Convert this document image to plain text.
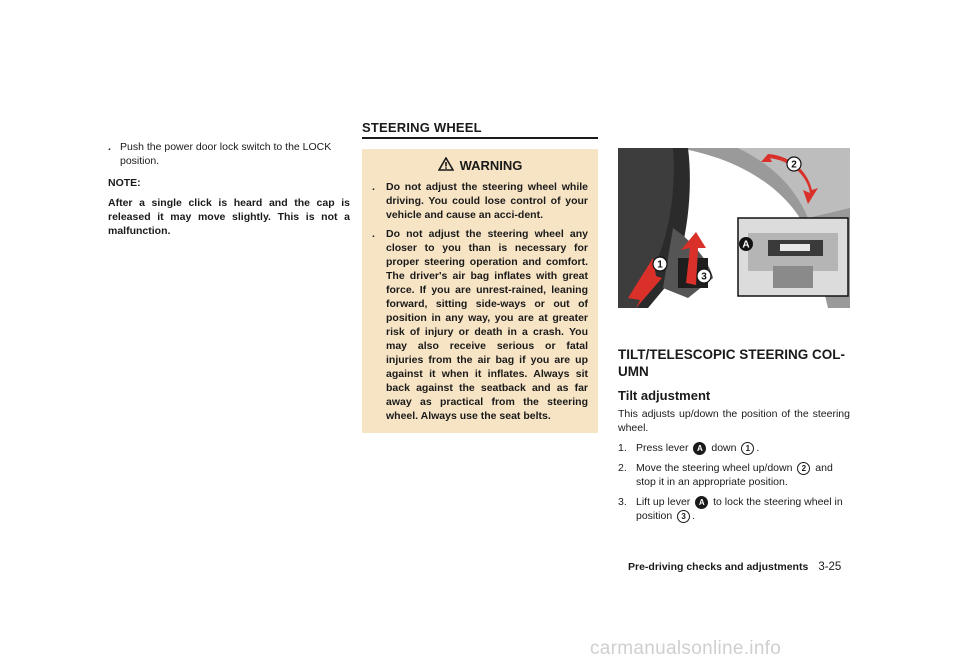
. Push the power door lock switch to the LOCK position.
NOTE:
After a single click is heard and the cap is released it may move slightly. This is not a malfunction.
STEERING WHEEL
WARNING
.	Do not adjust the steering wheel while driving. You could lose control of your vehicle and cause an acci-dent.
.	Do not adjust the steering wheel any closer to you than is necessary for proper steering operation and comfort. The driver's air bag inflates with great force. If you are unrest-rained, leaning forward, sitting side-ways or out of position in any way, you are at greater risk of injury or death in a crash. You may also receive serious or fatal injuries from the air bag if you are up against it when it inflates. Always sit back against the seatback and as far away as practical from the steering wheel. Always use the seat belts.
A
1
2
3
TILT/TELESCOPIC STEERING COL-UMN
Tilt adjustment
This adjusts up/down the position of the steering wheel.
1. Press lever A down 1 .
2. Move the steering wheel up/down 2 and stop it in an appropriate position.
3. Lift up lever A to lock the steering wheel in position 3 .
Pre-driving checks and adjustments 3-25
carmanualsonline.info
